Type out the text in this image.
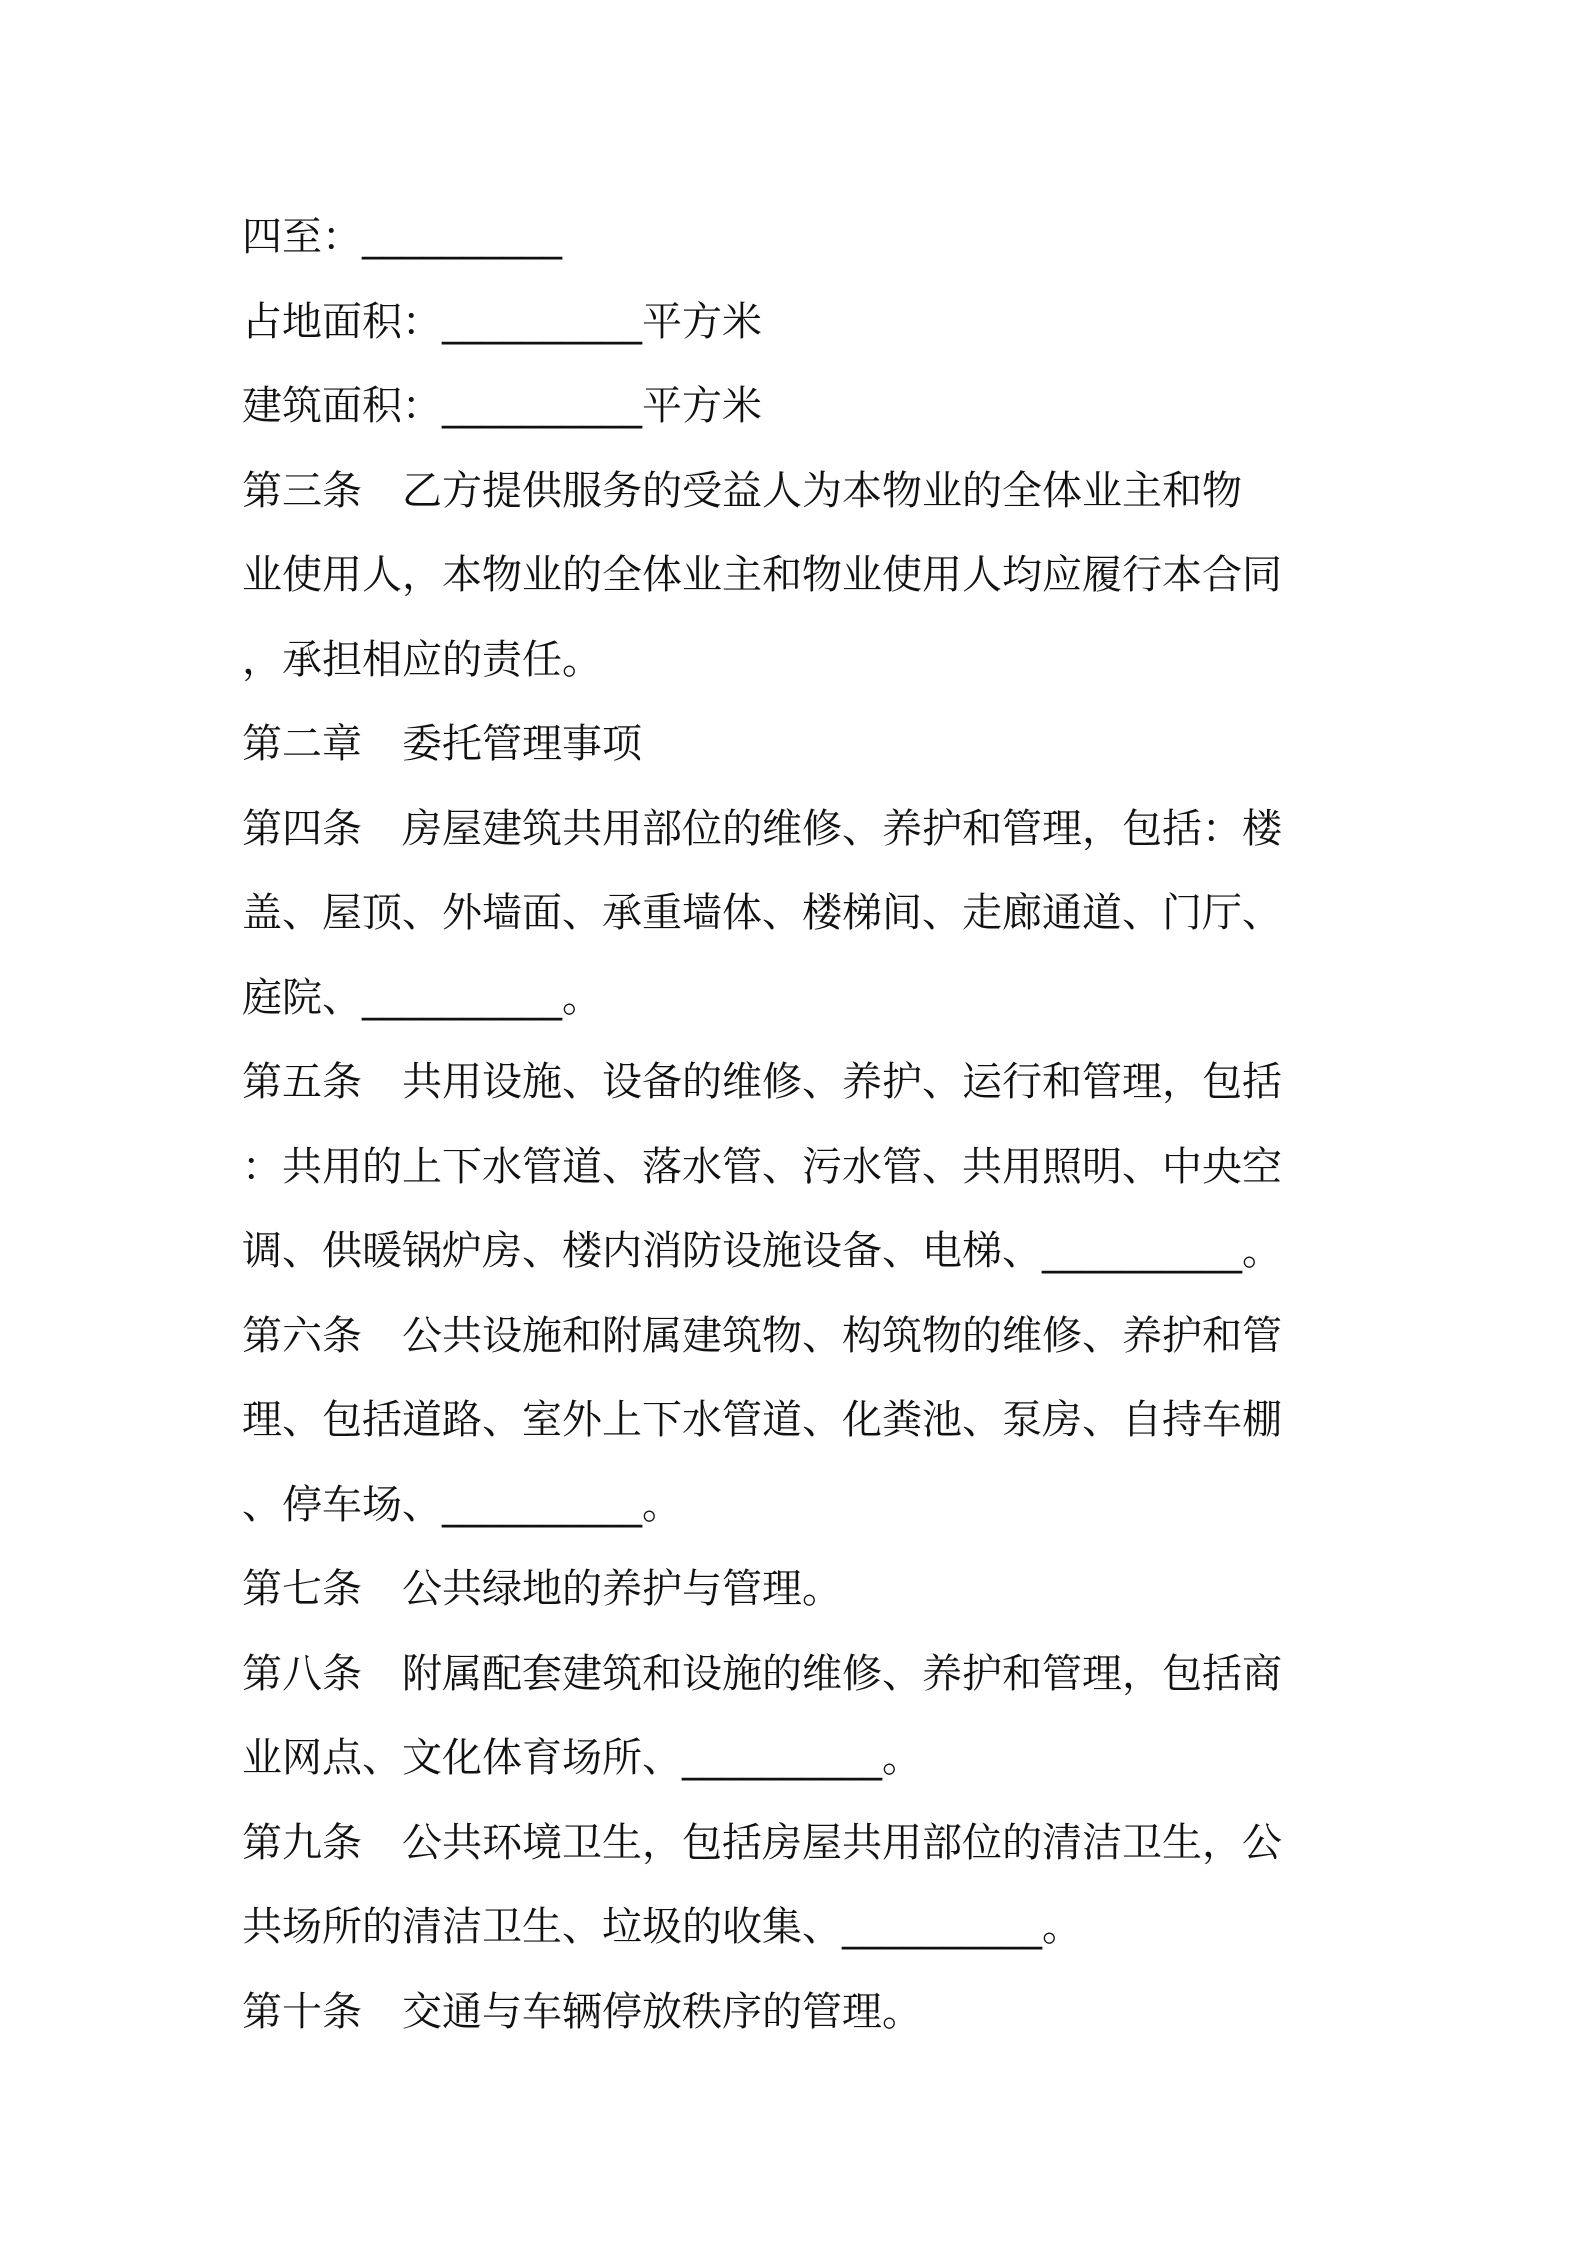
四至：__________
占地面积：__________平方米
建筑面积：__________平方米
第三条　乙方提供服务的受益人为本物业的全体业主和物
业使用人，本物业的全体业主和物业使用人均应履行本合同
，承担相应的责任。
第二章　委托管理事项
第四条　房屋建筑共用部位的维修、养护和管理，包括：楼
盖、屋顶、外墙面、承重墙体、楼梯间、走廊通道、门厅、
庭院、__________。
第五条　共用设施、设备的维修、养护、运行和管理，包括
：共用的上下水管道、落水管、污水管、共用照明、中央空
调、供暖锅炉房、楼内消防设施设备、电梯、__________。
第六条　公共设施和附属建筑物、构筑物的维修、养护和管
理、包括道路、室外上下水管道、化粪池、泵房、自持车棚
、停车场、__________。
第七条　公共绿地的养护与管理。
第八条　附属配套建筑和设施的维修、养护和管理，包括商
业网点、文化体育场所、__________。
第九条　公共环境卫生，包括房屋共用部位的清洁卫生，公
共场所的清洁卫生、垃圾的收集、__________。
第十条　交通与车辆停放秩序的管理。
